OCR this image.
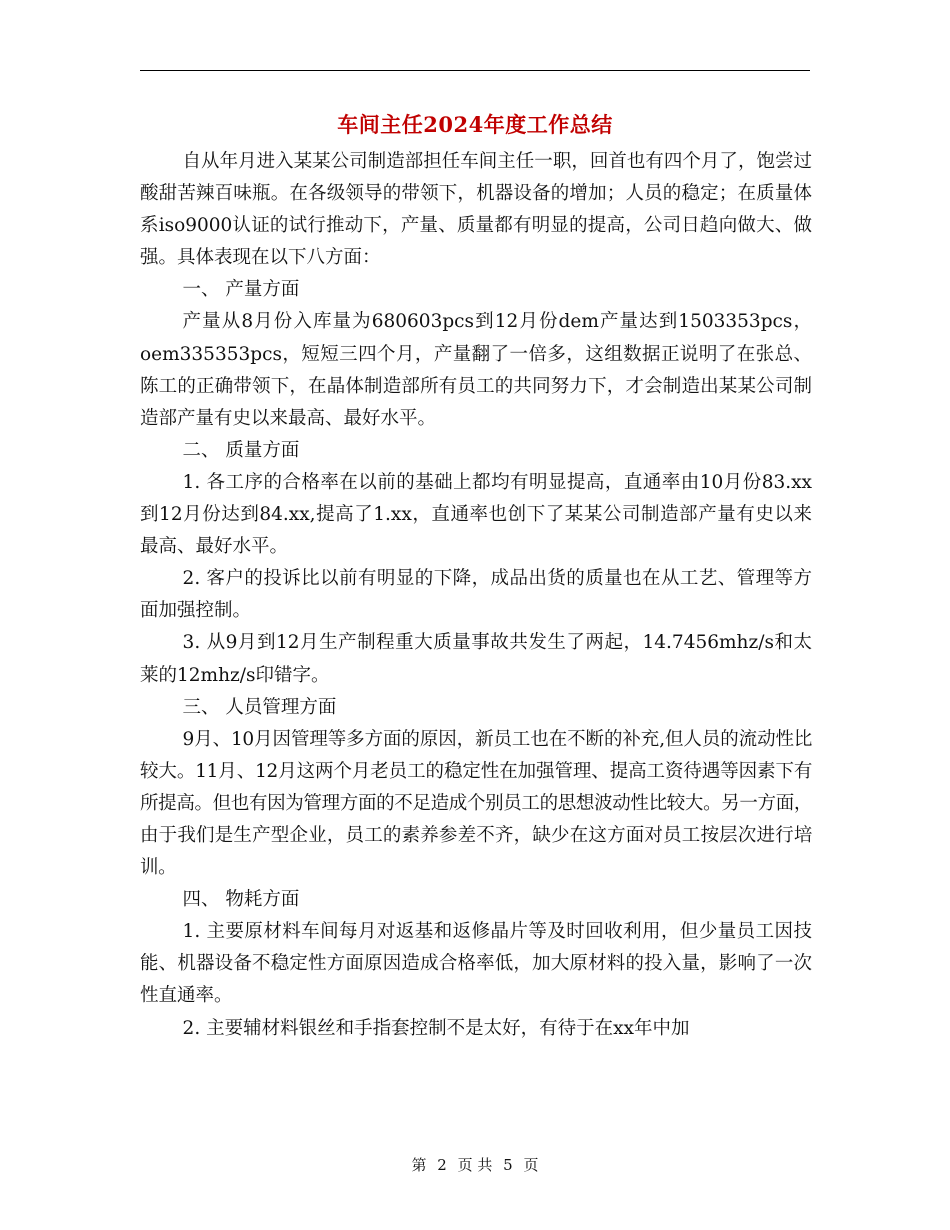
车间主任2024年度工作总结

自从年月进入某某公司制造部担任车间主任一职，回首也有四个月了，饱尝过酸甜苦辣百味瓶。在各级领导的带领下，机器设备的增加；人员的稳定；在质量体系iso9000认证的试行推动下，产量、质量都有明显的提高，公司日趋向做大、做强。具体表现在以下八方面：

一、 产量方面

产量从8月份入库量为680603pcs到12月份dem产量达到1503353pcs，oem335353pcs，短短三四个月，产量翻了一倍多，这组数据正说明了在张总、陈工的正确带领下，在晶体制造部所有员工的共同努力下，才会制造出某某公司制造部产量有史以来最高、最好水平。

二、 质量方面

1. 各工序的合格率在以前的基础上都均有明显提高，直通率由10月份83.xx到12月份达到84.xx,提高了1.xx，直通率也创下了某某公司制造部产量有史以来最高、最好水平。

2. 客户的投诉比以前有明显的下降，成品出货的质量也在从工艺、管理等方面加强控制。

3. 从9月到12月生产制程重大质量事故共发生了两起，14.7456mhz/s和太莱的12mhz/s印错字。

三、 人员管理方面

9月、10月因管理等多方面的原因，新员工也在不断的补充,但人员的流动性比较大。11月、12月这两个月老员工的稳定性在加强管理、提高工资待遇等因素下有所提高。但也有因为管理方面的不足造成个别员工的思想波动性比较大。另一方面，由于我们是生产型企业，员工的素养参差不齐，缺少在这方面对员工按层次进行培训。

四、 物耗方面

1. 主要原材料车间每月对返基和返修晶片等及时回收利用，但少量员工因技能、机器设备不稳定性方面原因造成合格率低，加大原材料的投入量，影响了一次性直通率。

2. 主要辅材料银丝和手指套控制不是太好，有待于在xx年中加

第 2 页 共 5 页
